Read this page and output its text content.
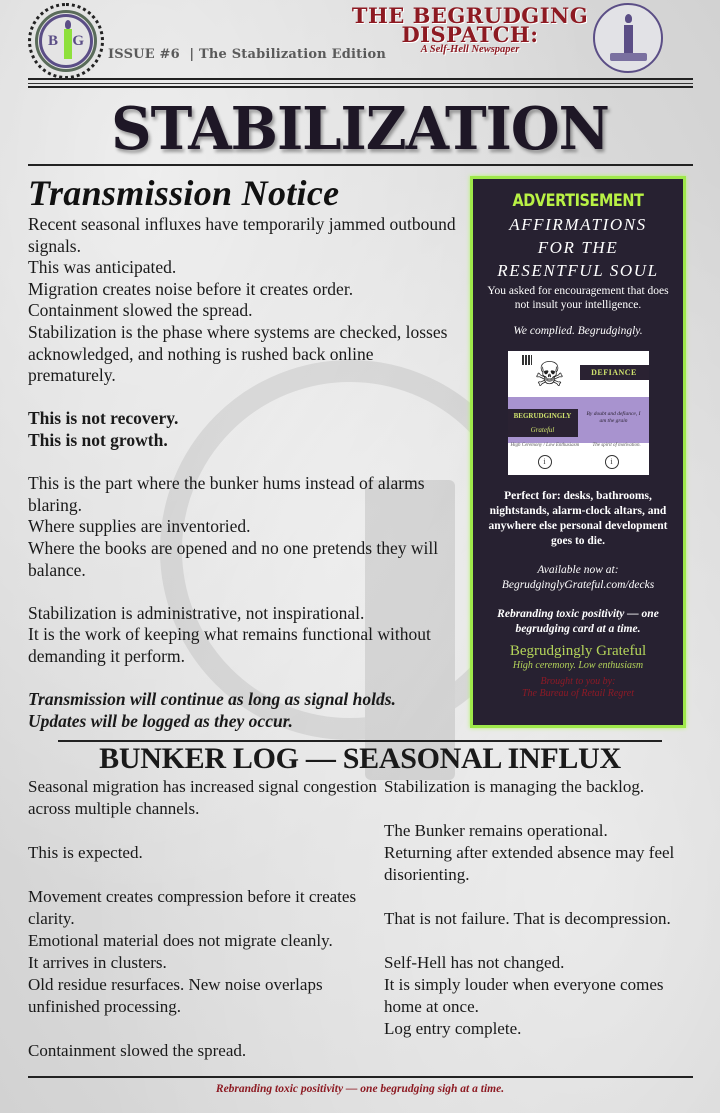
B G
ISSUE #6 | The Stabilization Edition
THE BEGRUDGING
DISPATCH:
A Self-Hell Newspaper
STABILIZATION
Transmission Notice

Recent seasonal influxes have temporarily jammed outbound signals.

This was anticipated.

Migration creates noise before it creates order.

Containment slowed the spread.

Stabilization is the phase where systems are checked, losses acknowledged, and nothing is rushed back online prematurely.

This is not recovery.

This is not growth.

This is the part where the bunker hums instead of alarms blaring.

Where supplies are inventoried.

Where the books are opened and no one pretends they will balance.

Stabilization is administrative, not inspirational.

It is the work of keeping what remains functional without demanding it perform.

Transmission will continue as long as signal holds.

Updates will be logged as they occur.

ADVERTISEMENT
AFFIRMATIONS
FOR THE
RESENTFUL SOUL
You asked for encouragement that does not insult your intelligence.
We complied. Begrudgingly.
☠	DEFIANCE
BEGRUDGINGLY
Grateful
By doubt and defiance, I am the grain
High Ceremony / Low Enthusiasm	The spirit of motivation.
i	i
Perfect for: desks, bathrooms, nightstands, alarm-clock altars, and anywhere else personal development goes to die.
Available now at:
BegrudginglyGrateful.com/decks
Rebranding toxic positivity — one begrudging card at a time.
Begrudgingly Grateful
High ceremony. Low enthusiasm
Brought to you by:
The Bureau of Retail Regret
BUNKER LOG — SEASONAL INFLUX

Seasonal migration has increased signal congestion across multiple channels.

This is expected.

Movement creates compression before it creates clarity.

Emotional material does not migrate cleanly.

It arrives in clusters.

Old residue resurfaces. New noise overlaps unfinished processing.

Containment slowed the spread.

Stabilization is managing the backlog.

The Bunker remains operational.

Returning after extended absence may feel disorienting.

That is not failure. That is decompression.

Self-Hell has not changed.

It is simply louder when everyone comes home at once.

Log entry complete.

Rebranding toxic positivity — one begrudging sigh at a time.
